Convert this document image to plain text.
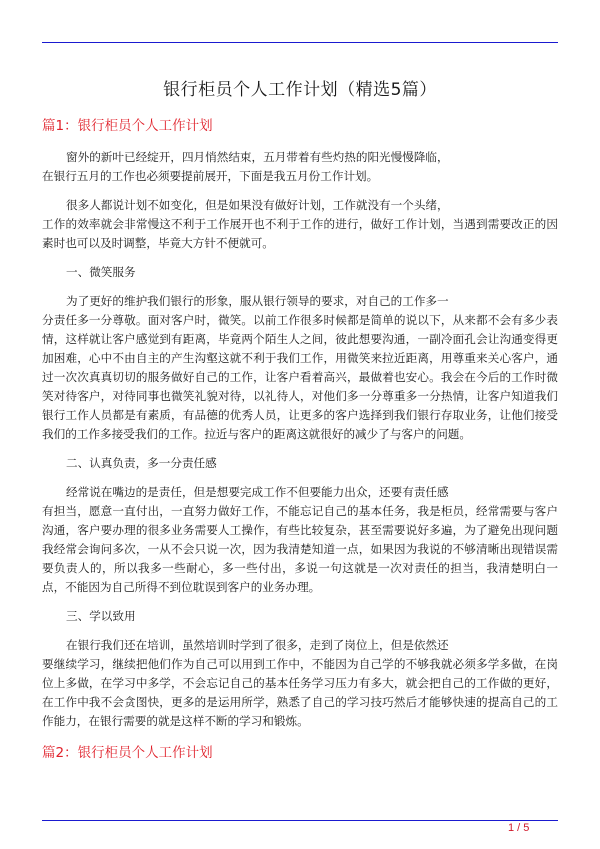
银行柜员个人工作计划（精选5篇）
篇1：银行柜员个人工作计划

窗外的新叶已经绽开，四月悄然结束，五月带着有些灼热的阳光慢慢降临，
在银行五月的工作也必须要提前展开，下面是我五月份工作计划。

很多人都说计划不如变化，但是如果没有做好计划，工作就没有一个头绪，
工作的效率就会非常慢这不利于工作展开也不利于工作的进行，做好工作计划，当遇到需要改正的因素时也可以及时调整，毕竟大方针不便就可。

一、微笑服务

为了更好的维护我们银行的形象，服从银行领导的要求，对自己的工作多一
分责任多一分尊敬。面对客户时，微笑。以前工作很多时候都是简单的说以下，从来都不会有多少表情，这样就让客户感觉到有距离，毕竟两个陌生人之间，彼此想要沟通，一副冷面孔会让沟通变得更加困难，心中不由自主的产生沟壑这就不利于我们工作，用微笑来拉近距离，用尊重来关心客户，通过一次次真真切切的服务做好自己的工作，让客户看着高兴，最做着也安心。我会在今后的工作时微笑对待客户，对待同事也微笑礼貌对待，以礼待人，对他们多一分尊重多一分热情，让客户知道我们银行工作人员都是有素质，有品德的优秀人员，让更多的客户选择到我们银行存取业务，让他们接受我们的工作多接受我们的工作。拉近与客户的距离这就很好的减少了与客户的问题。

二、认真负责，多一分责任感

经常说在嘴边的是责任，但是想要完成工作不但要能力出众，还要有责任感
有担当，愿意一直付出，一直努力做好工作，不能忘记自己的基本任务，我是柜员，经常需要与客户沟通，客户要办理的很多业务需要人工操作，有些比较复杂，甚至需要说好多遍，为了避免出现问题我经常会询问多次，一从不会只说一次，因为我清楚知道一点，如果因为我说的不够清晰出现错误需要负责人的，所以我多一些耐心，多一些付出，多说一句这就是一次对责任的担当，我清楚明白一点，不能因为自己所得不到位耽误到客户的业务办理。

三、学以致用

在银行我们还在培训，虽然培训时学到了很多，走到了岗位上，但是依然还
要继续学习，继续把他们作为自己可以用到工作中，不能因为自己学的不够我就必须多学多做，在岗位上多做，在学习中多学，不会忘记自己的基本任务学习压力有多大，就会把自己的工作做的更好，在工作中我不会贪图快，更多的是运用所学，熟悉了自己的学习技巧然后才能够快速的提高自己的工作能力，在银行需要的就是这样不断的学习和锻炼。

篇2：银行柜员个人工作计划
1 / 5
